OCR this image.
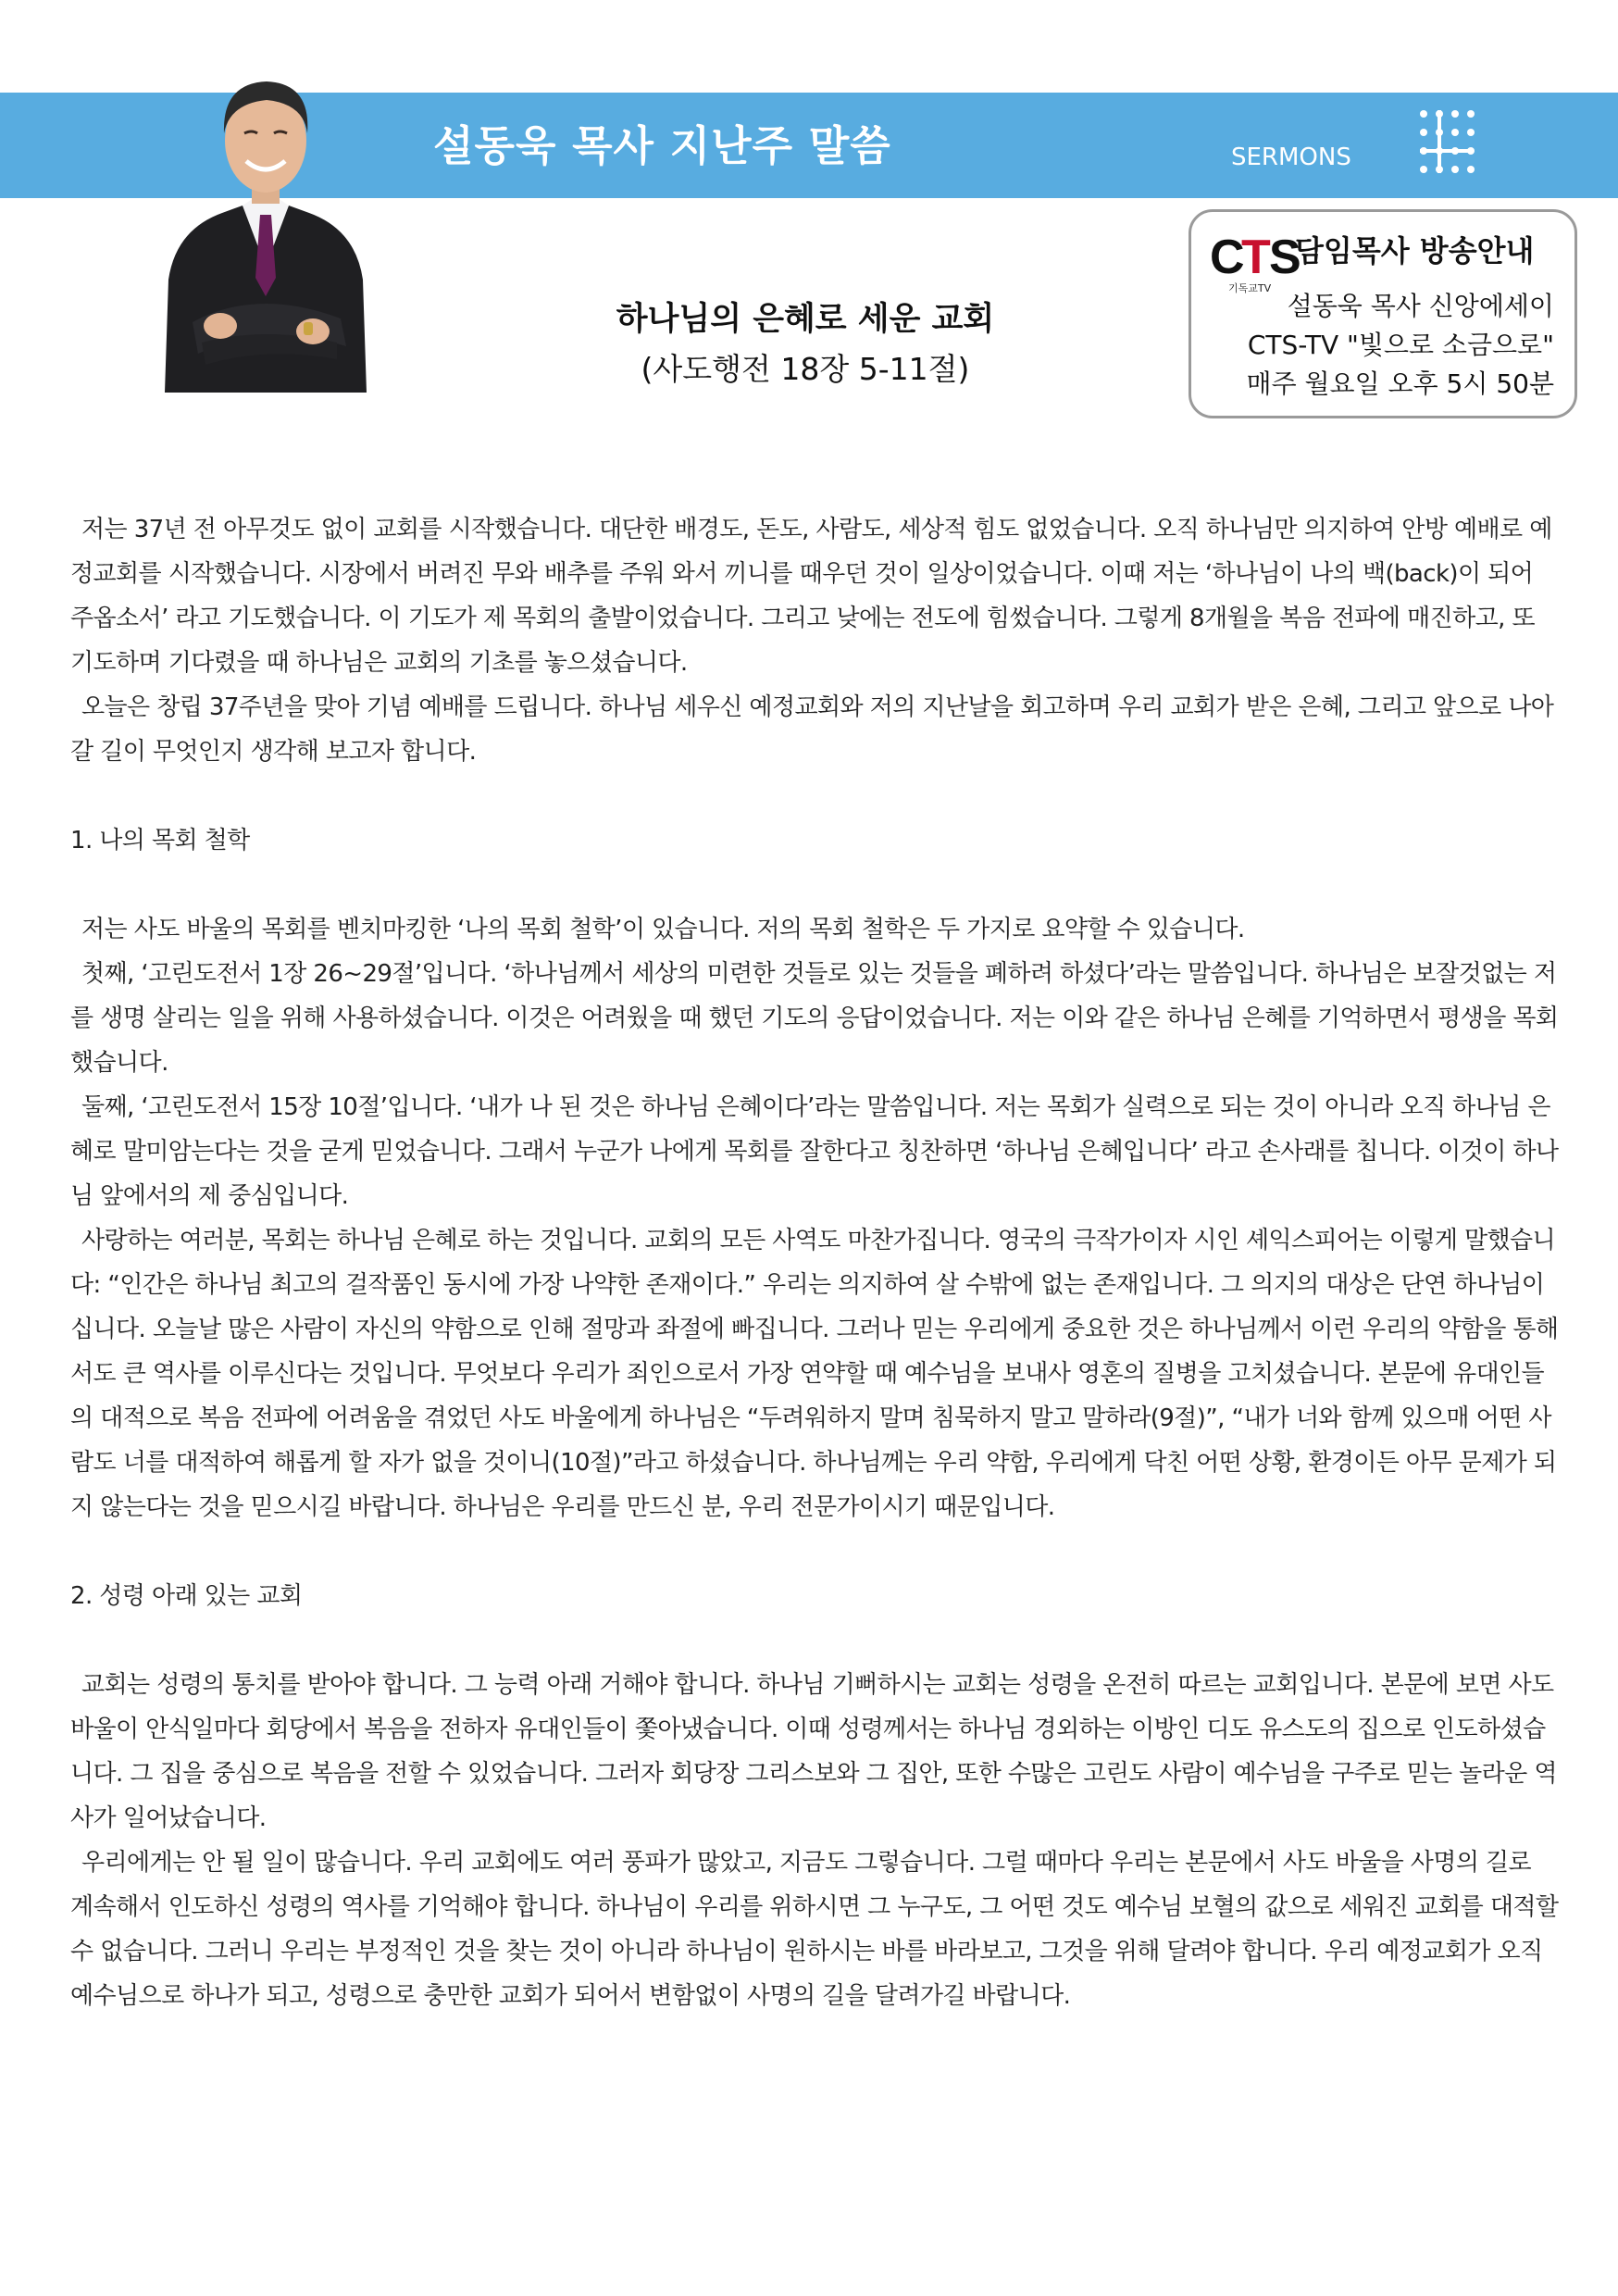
설동욱 목사 지난주 말씀	SERMONS
하나님의 은혜로 세운 교회
(사도행전 18장 5-11절)
C
T
S
기독교TV
담임목사 방송안내
설동욱 목사 신앙에세이
CTS-TV "빛으로 소금으로"
매주 월요일 오후 5시 50분

저는 37년 전 아무것도 없이 교회를 시작했습니다. 대단한 배경도, 돈도, 사람도, 세상적 힘도 없었습니다. 오직 하나님만 의지하여 안방 예배로 예정교회를 시작했습니다. 시장에서 버려진 무와 배추를 주워 와서 끼니를 때우던 것이 일상이었습니다. 이때 저는 ‘하나님이 나의 백(back)이 되어 주옵소서’ 라고 기도했습니다. 이 기도가 제 목회의 출발이었습니다. 그리고 낮에는 전도에 힘썼습니다. 그렇게 8개월을 복음 전파에 매진하고, 또 기도하며 기다렸을 때 하나님은 교회의 기초를 놓으셨습니다.

오늘은 창립 37주년을 맞아 기념 예배를 드립니다. 하나님 세우신 예정교회와 저의 지난날을 회고하며 우리 교회가 받은 은혜, 그리고 앞으로 나아갈 길이 무엇인지 생각해 보고자 합니다.

1. 나의 목회 철학

저는 사도 바울의 목회를 벤치마킹한 ‘나의 목회 철학’이 있습니다. 저의 목회 철학은 두 가지로 요약할 수 있습니다.

첫째, ‘고린도전서 1장 26~29절’입니다. ‘하나님께서 세상의 미련한 것들로 있는 것들을 폐하려 하셨다’라는 말씀입니다. 하나님은 보잘것없는 저를 생명 살리는 일을 위해 사용하셨습니다. 이것은 어려웠을 때 했던 기도의 응답이었습니다. 저는 이와 같은 하나님 은혜를 기억하면서 평생을 목회했습니다.

둘째, ‘고린도전서 15장 10절’입니다. ‘내가 나 된 것은 하나님 은혜이다’라는 말씀입니다. 저는 목회가 실력으로 되는 것이 아니라 오직 하나님 은혜로 말미암는다는 것을 굳게 믿었습니다. 그래서 누군가 나에게 목회를 잘한다고 칭찬하면 ‘하나님 은혜입니다’ 라고 손사래를 칩니다. 이것이 하나님 앞에서의 제 중심입니다.

사랑하는 여러분, 목회는 하나님 은혜로 하는 것입니다. 교회의 모든 사역도 마찬가집니다. 영국의 극작가이자 시인 셰익스피어는 이렇게 말했습니다: “인간은 하나님 최고의 걸작품인 동시에 가장 나약한 존재이다.” 우리는 의지하여 살 수밖에 없는 존재입니다. 그 의지의 대상은 단연 하나님이십니다. 오늘날 많은 사람이 자신의 약함으로 인해 절망과 좌절에 빠집니다. 그러나 믿는 우리에게 중요한 것은 하나님께서 이런 우리의 약함을 통해서도 큰 역사를 이루신다는 것입니다. 무엇보다 우리가 죄인으로서 가장 연약할 때 예수님을 보내사 영혼의 질병을 고치셨습니다. 본문에 유대인들의 대적으로 복음 전파에 어려움을 겪었던 사도 바울에게 하나님은 “두려워하지 말며 침묵하지 말고 말하라(9절)”, “내가 너와 함께 있으매 어떤 사람도 너를 대적하여 해롭게 할 자가 없을 것이니(10절)”라고 하셨습니다. 하나님께는 우리 약함, 우리에게 닥친 어떤 상황, 환경이든 아무 문제가 되지 않는다는 것을 믿으시길 바랍니다. 하나님은 우리를 만드신 분, 우리 전문가이시기 때문입니다.

2. 성령 아래 있는 교회

교회는 성령의 통치를 받아야 합니다. 그 능력 아래 거해야 합니다. 하나님 기뻐하시는 교회는 성령을 온전히 따르는 교회입니다. 본문에 보면 사도 바울이 안식일마다 회당에서 복음을 전하자 유대인들이 쫓아냈습니다. 이때 성령께서는 하나님 경외하는 이방인 디도 유스도의 집으로 인도하셨습니다. 그 집을 중심으로 복음을 전할 수 있었습니다. 그러자 회당장 그리스보와 그 집안, 또한 수많은 고린도 사람이 예수님을 구주로 믿는 놀라운 역사가 일어났습니다.

우리에게는 안 될 일이 많습니다. 우리 교회에도 여러 풍파가 많았고, 지금도 그렇습니다. 그럴 때마다 우리는 본문에서 사도 바울을 사명의 길로 계속해서 인도하신 성령의 역사를 기억해야 합니다. 하나님이 우리를 위하시면 그 누구도, 그 어떤 것도 예수님 보혈의 값으로 세워진 교회를 대적할 수 없습니다. 그러니 우리는 부정적인 것을 찾는 것이 아니라 하나님이 원하시는 바를 바라보고, 그것을 위해 달려야 합니다. 우리 예정교회가 오직 예수님으로 하나가 되고, 성령으로 충만한 교회가 되어서 변함없이 사명의 길을 달려가길 바랍니다.
